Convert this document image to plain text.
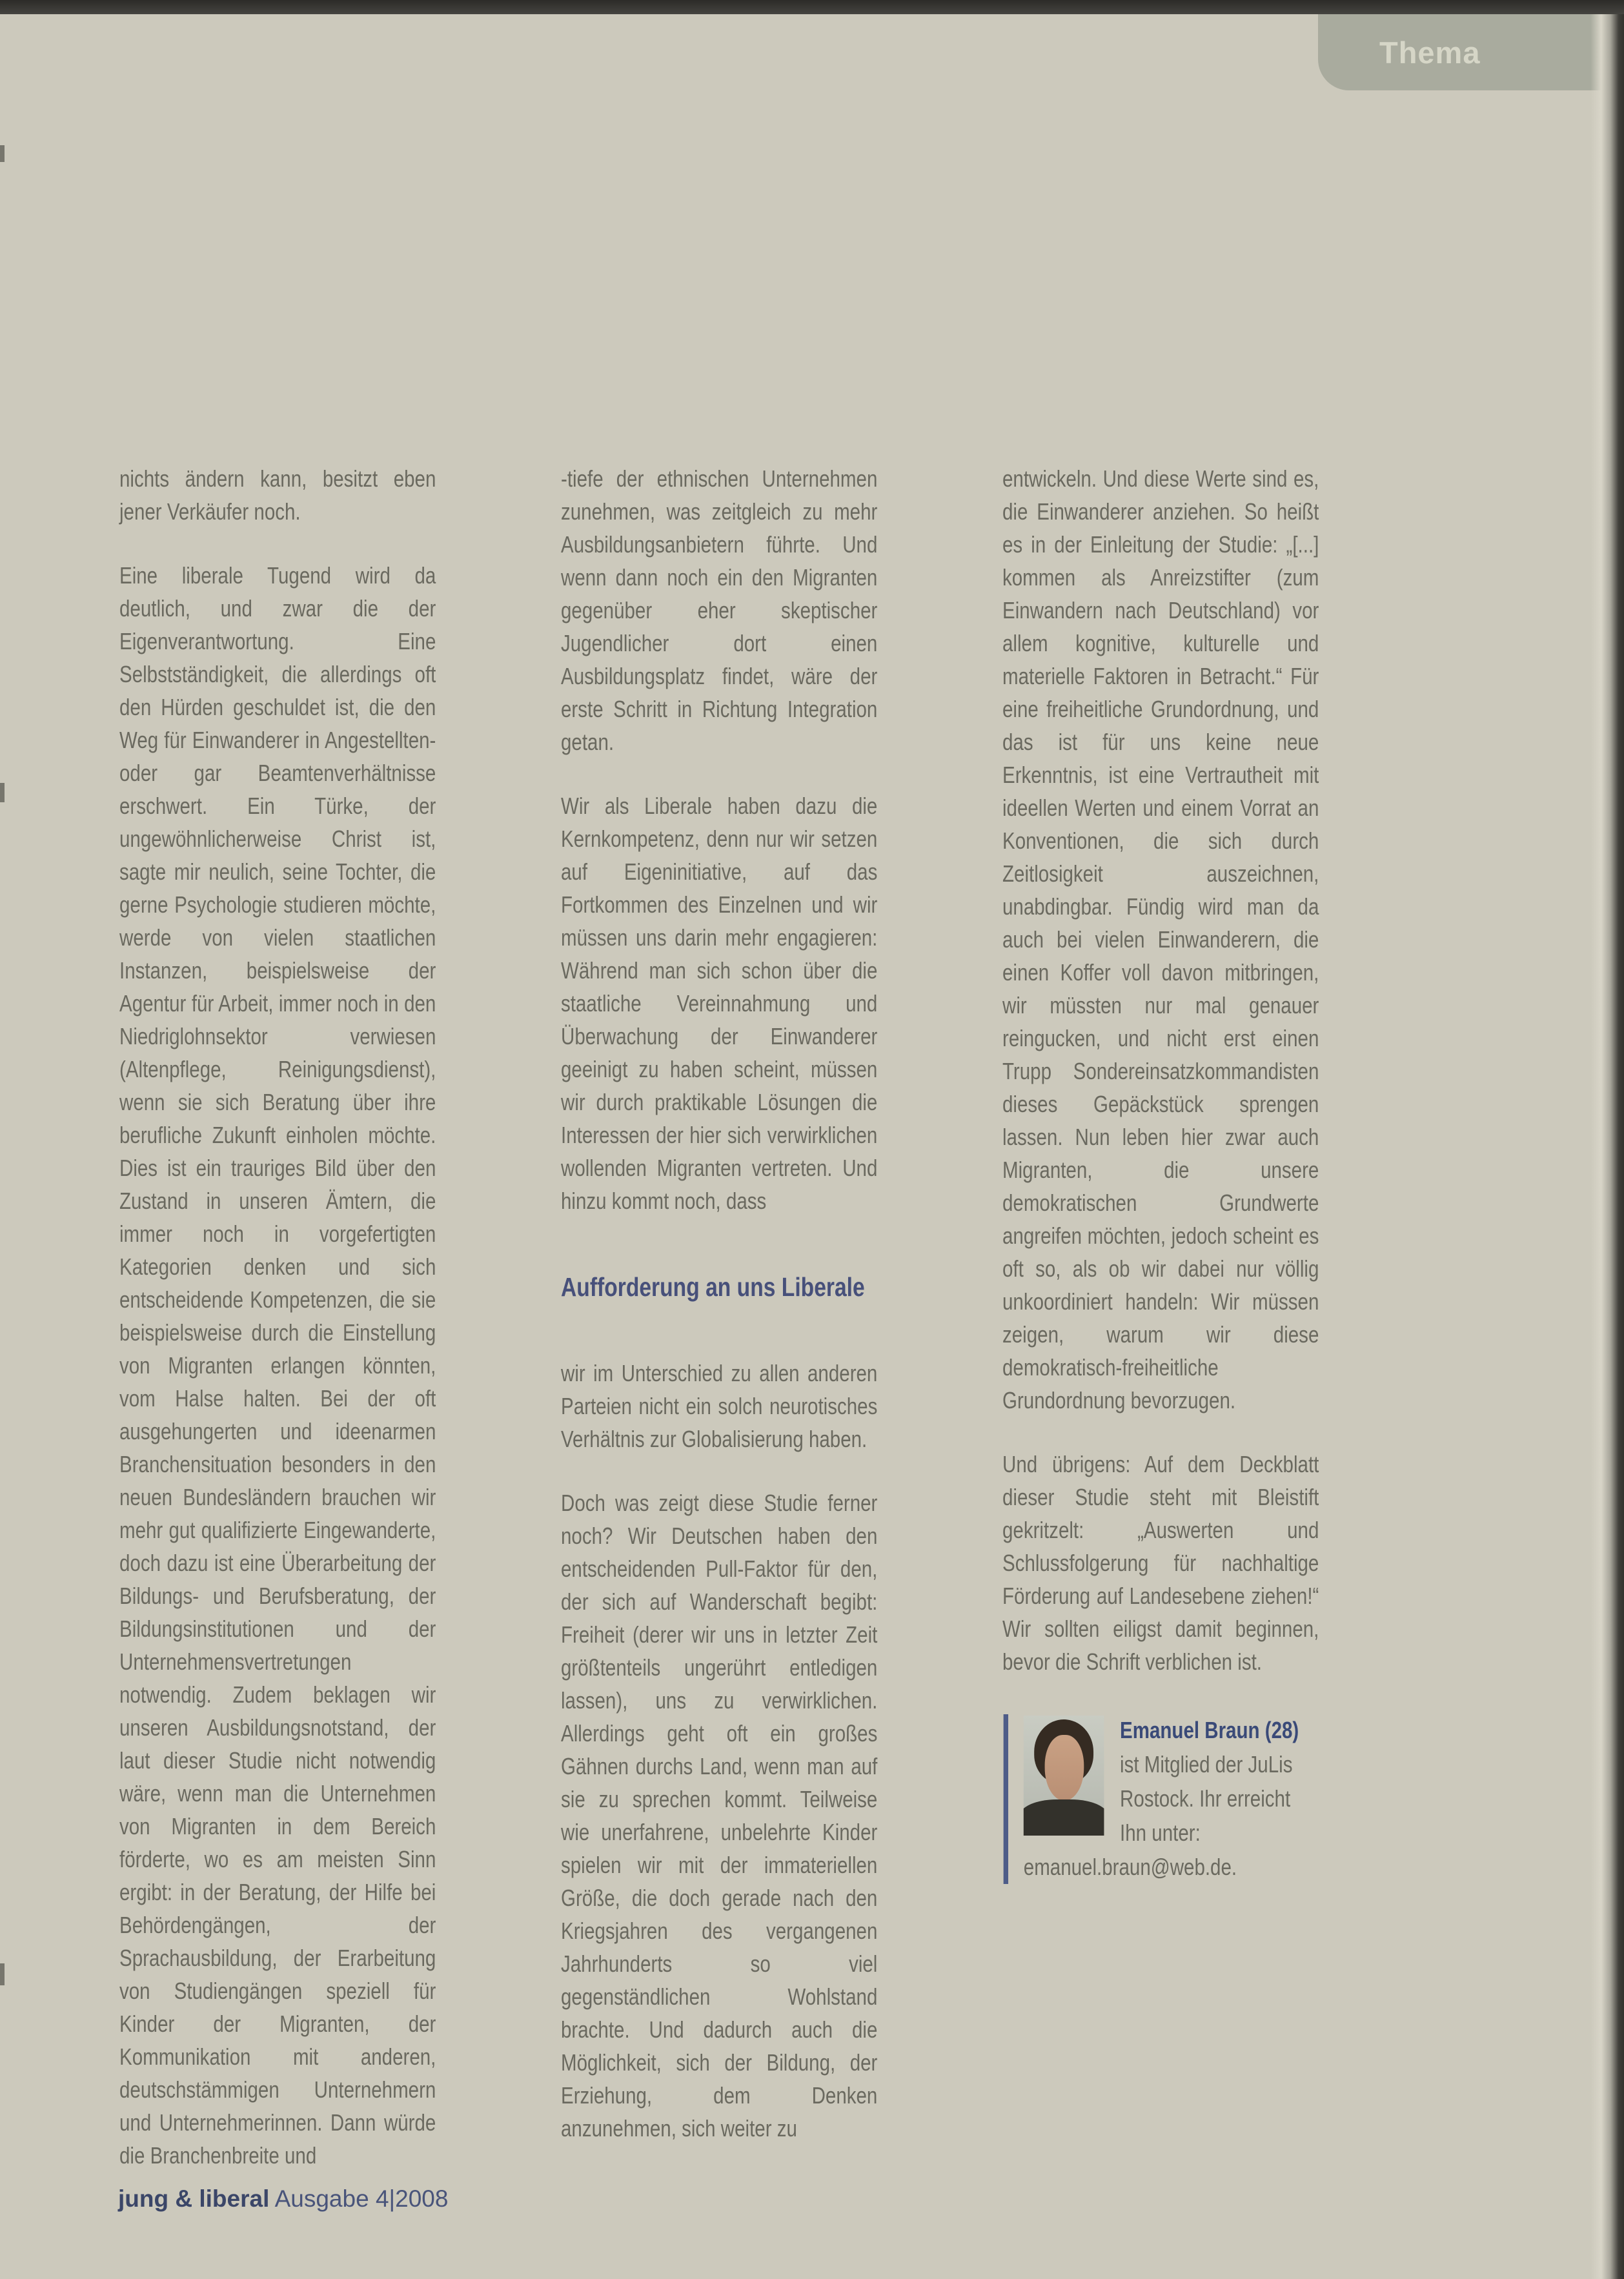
Thema

nichts ändern kann, besitzt eben jener Verkäufer noch.

Eine liberale Tugend wird da deutlich, und zwar die der Eigenverantwortung. Eine Selbstständigkeit, die allerdings oft den Hürden geschuldet ist, die den Weg für Einwanderer in Angestellten- oder gar Beamtenverhältnisse erschwert. Ein Türke, der ungewöhnlicherweise Christ ist, sagte mir neulich, seine Tochter, die gerne Psychologie studieren möchte, werde von vielen staatlichen Instanzen, beispielsweise der Agentur für Arbeit, immer noch in den Niedriglohnsektor verwiesen (Altenpflege, Reinigungsdienst), wenn sie sich Beratung über ihre berufliche Zukunft einholen möchte. Dies ist ein trauriges Bild über den Zustand in unseren Ämtern, die immer noch in vorgefertigten Kategorien denken und sich entscheidende Kompetenzen, die sie beispielsweise durch die Einstellung von Migranten erlangen könnten, vom Halse halten. Bei der oft ausgehungerten und ideenarmen Branchensituation besonders in den neuen Bundesländern brauchen wir mehr gut qualifizierte Eingewanderte, doch dazu ist eine Überarbeitung der Bildungs- und Berufsberatung, der Bildungsinstitutionen und der Unternehmensvertretungen notwendig. Zudem beklagen wir unseren Ausbildungsnotstand, der laut dieser Studie nicht notwendig wäre, wenn man die Unternehmen von Migranten in dem Bereich förderte, wo es am meisten Sinn ergibt: in der Beratung, der Hilfe bei Behördengängen, der Sprachausbildung, der Erarbeitung von Studiengängen speziell für Kinder der Migranten, der Kommunikation mit anderen, deutschstämmigen Unternehmern und Unternehmerinnen. Dann würde die Branchenbreite und

-tiefe der ethnischen Unternehmen zunehmen, was zeitgleich zu mehr Ausbildungsanbietern führte. Und wenn dann noch ein den Migranten gegenüber eher skeptischer Jugendlicher dort einen Ausbildungsplatz findet, wäre der erste Schritt in Richtung Integration getan.

Wir als Liberale haben dazu die Kernkompetenz, denn nur wir setzen auf Eigeninitiative, auf das Fortkommen des Einzelnen und wir müssen uns darin mehr engagieren: Während man sich schon über die staatliche Vereinnahmung und Überwachung der Einwanderer geeinigt zu haben scheint, müssen wir durch praktikable Lösungen die Interessen der hier sich verwirklichen wollenden Migranten vertreten. Und hinzu kommt noch, dass

Aufforderung an uns Liberale

wir im Unterschied zu allen anderen Parteien nicht ein solch neurotisches Verhältnis zur Globalisierung haben.

Doch was zeigt diese Studie ferner noch? Wir Deutschen haben den entscheidenden Pull-Faktor für den, der sich auf Wanderschaft begibt: Freiheit (derer wir uns in letzter Zeit größtenteils ungerührt entledigen lassen), uns zu verwirklichen. Allerdings geht oft ein großes Gähnen durchs Land, wenn man auf sie zu sprechen kommt. Teilweise wie unerfahrene, unbelehrte Kinder spielen wir mit der immateriellen Größe, die doch gerade nach den Kriegsjahren des vergangenen Jahrhunderts so viel gegenständlichen Wohlstand brachte. Und dadurch auch die Möglichkeit, sich der Bildung, der Erziehung, dem Denken anzunehmen, sich weiter zu

entwickeln. Und diese Werte sind es, die Einwanderer anziehen. So heißt es in der Einleitung der Studie: „[...] kommen als Anreizstifter (zum Einwandern nach Deutschland) vor allem kognitive, kulturelle und materielle Faktoren in Betracht.“ Für eine freiheitliche Grundordnung, und das ist für uns keine neue Erkenntnis, ist eine Vertrautheit mit ideellen Werten und einem Vorrat an Konventionen, die sich durch Zeitlosigkeit auszeichnen, unabdingbar. Fündig wird man da auch bei vielen Einwanderern, die einen Koffer voll davon mitbringen, wir müssten nur mal genauer reingucken, und nicht erst einen Trupp Sondereinsatzkommandisten dieses Gepäckstück sprengen lassen. Nun leben hier zwar auch Migranten, die unsere demokratischen Grundwerte angreifen möchten, jedoch scheint es oft so, als ob wir dabei nur völlig unkoordiniert handeln: Wir müssen zeigen, warum wir diese demokratisch-freiheitliche Grundordnung bevorzugen.

Und übrigens: Auf dem Deckblatt dieser Studie steht mit Bleistift gekritzelt: „Auswerten und Schlussfolgerung für nachhaltige Förderung auf Landesebene ziehen!“ Wir sollten eiligst damit beginnen, bevor die Schrift verblichen ist.

Emanuel Braun (28) ist Mitglied der JuLis Rostock. Ihr erreicht Ihn unter: emanuel.braun@web.de.
jung & liberal Ausgabe 4|2008
